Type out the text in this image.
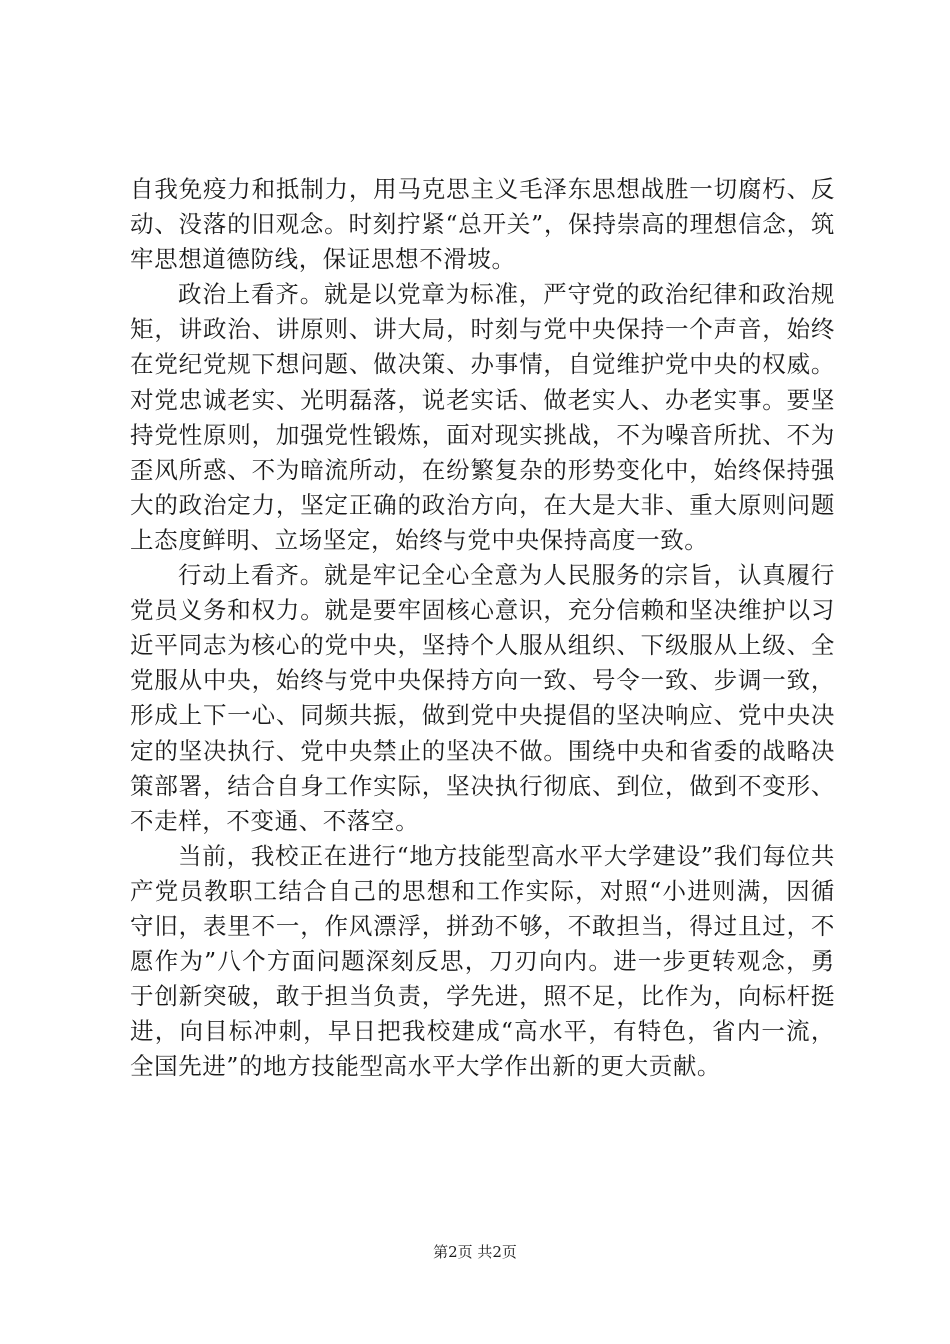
自我免疫力和抵制力，用马克思主义毛泽东思想战胜一切腐朽、反动、没落的旧观念。时刻拧紧“总开关”，保持崇高的理想信念，筑牢思想道德防线，保证思想不滑坡。

政治上看齐。就是以党章为标准，严守党的政治纪律和政治规矩，讲政治、讲原则、讲大局，时刻与党中央保持一个声音，始终在党纪党规下想问题、做决策、办事情，自觉维护党中央的权威。对党忠诚老实、光明磊落，说老实话、做老实人、办老实事。要坚持党性原则，加强党性锻炼，面对现实挑战，不为噪音所扰、不为歪风所惑、不为暗流所动，在纷繁复杂的形势变化中，始终保持强大的政治定力，坚定正确的政治方向，在大是大非、重大原则问题上态度鲜明、立场坚定，始终与党中央保持高度一致。

行动上看齐。就是牢记全心全意为人民服务的宗旨，认真履行党员义务和权力。就是要牢固核心意识，充分信赖和坚决维护以习近平同志为核心的党中央，坚持个人服从组织、下级服从上级、全党服从中央，始终与党中央保持方向一致、号令一致、步调一致，形成上下一心、同频共振，做到党中央提倡的坚决响应、党中央决定的坚决执行、党中央禁止的坚决不做。围绕中央和省委的战略决策部署，结合自身工作实际，坚决执行彻底、到位，做到不变形、不走样，不变通、不落空。

当前，我校正在进行“地方技能型高水平大学建设”我们每位共产党员教职工结合自己的思想和工作实际，对照“小进则满，因循守旧，表里不一，作风漂浮，拼劲不够，不敢担当，得过且过，不愿作为”八个方面问题深刻反思，刀刃向内。进一步更转观念，勇于创新突破，敢于担当负责，学先进，照不足，比作为，向标杆挺进，向目标冲刺，早日把我校建成“高水平，有特色，省内一流，全国先进”的地方技能型高水平大学作出新的更大贡献。

第2页 共2页
